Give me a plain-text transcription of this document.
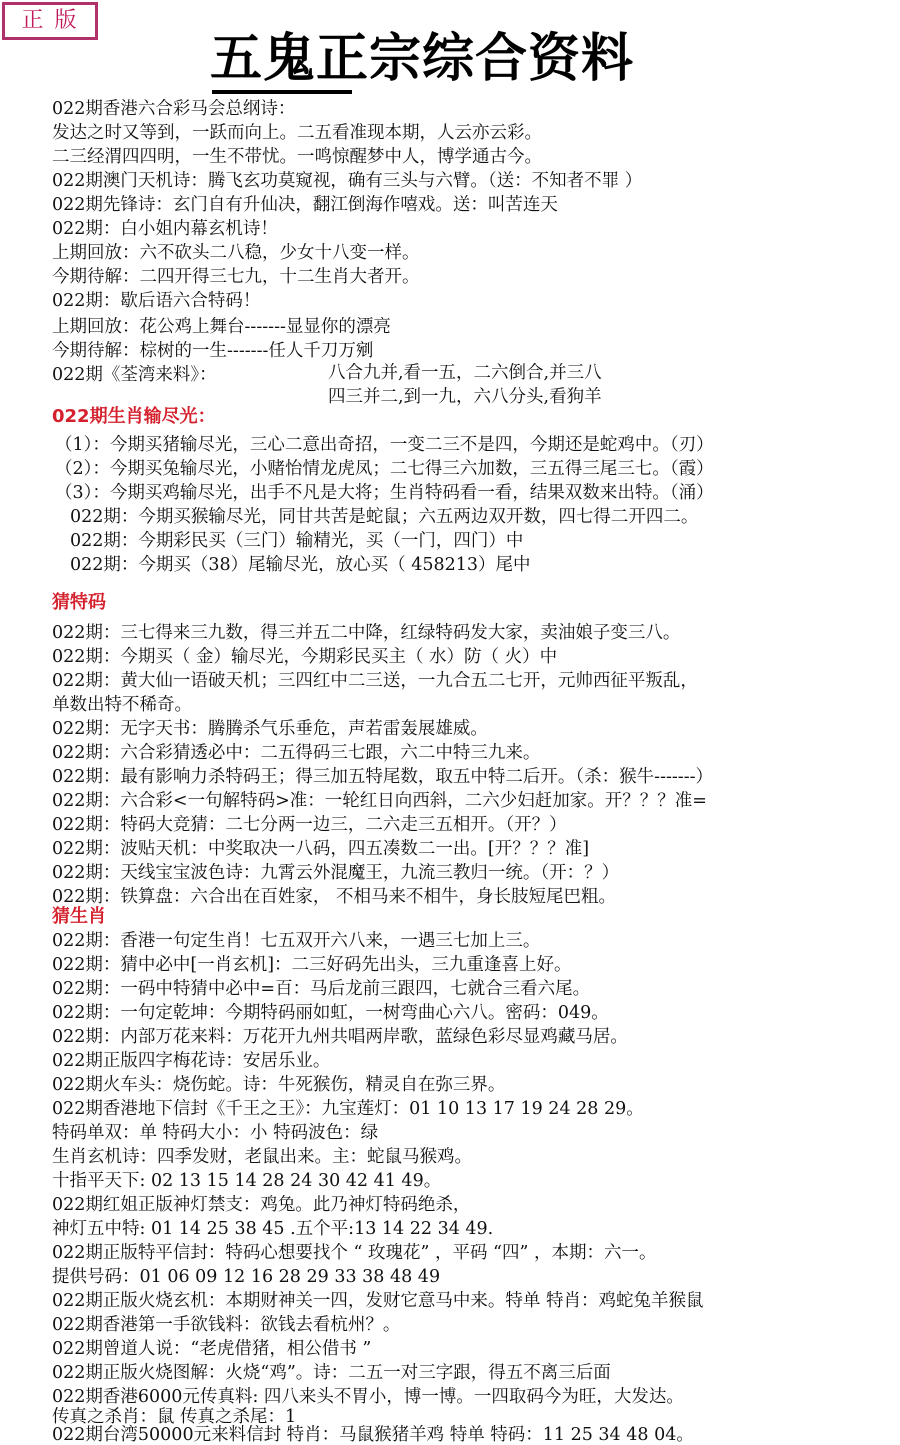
正 版
五鬼正宗综合资料
022期香港六合彩马会总纲诗：
发达之时又等到，一跃而向上。二五看准现本期，人云亦云彩。
二三经渭四四明，一生不带忧。一鸣惊醒梦中人，博学通古今。
022期澳门天机诗：腾飞玄功莫窥视，确有三头与六臂。（送：不知者不罪 ）
022期先锋诗：玄门自有升仙决，翻江倒海作嘻戏。送：叫苦连天
022期：白小姐内幕玄机诗！
上期回放：六不砍头二八稳，少女十八变一样。
今期待解：二四开得三七九，十二生肖大者开。
022期：歇后语六合特码！
上期回放：花公鸡上舞台-------显显你的漂亮
今期待解：棕树的一生-------任人千刀万剜
022期《荃湾来料》：	八合九并,看一五，二六倒合,并三八
四三并二,到一九，六八分头,看狗羊
022期生肖输尽光：
（1）：今期买猪输尽光，三心二意出奇招，一变二三不是四，今期还是蛇鸡中。（刃）
（2）：今期买兔输尽光，小赌怡情龙虎凤；二七得三六加数，三五得三尾三七。（霞）
（3）：今期买鸡输尽光，出手不凡是大将；生肖特码看一看，结果双数来出特。（涌）
022期：今期买猴输尽光，同甘共苦是蛇鼠；六五两边双开数，四七得二开四二。
022期：今期彩民买（三门）输精光，买（一门，四门）中
022期：今期买（38）尾输尽光，放心买（ 458213）尾中
猜特码
022期：三七得来三九数，得三并五二中降，红绿特码发大家，卖油娘子变三八。
022期：今期买（ 金）输尽光，今期彩民买主（ 水）防（ 火）中
022期：黄大仙一语破天机；三四红中二三送，一九合五二七开，元帅西征平叛乱，
单数出特不稀奇。
022期：无字天书：腾腾杀气乐垂危，声若雷轰展雄威。
022期：六合彩猜透必中：二五得码三七跟，六二中特三九来。
022期：最有影响力杀特码王；得三加五特尾数，取五中特二后开。（杀：猴牛-------）
022期：六合彩<一句解特码>准：一轮红日向西斜，二六少妇赶加家。开？？？准=
022期：特码大竞猜：二七分两一边三，二六走三五相开。（开？）
022期：波贴天机：中奖取决一八码，四五凑数二一出。[开？？？准]
022期：天线宝宝波色诗：九霄云外混魔王，九流三教归一统。（开：？）
022期：铁算盘：六合出在百姓家， 不相马来不相牛，身长肢短尾巴粗。
猜生肖
022期：香港一句定生肖！七五双开六八来，一遇三七加上三。
022期：猜中必中[一肖玄机]：二三好码先出头，三九重逢喜上好。
022期：一码中特猜中必中=百：马后龙前三跟四，七就合三看六尾。
022期：一句定乾坤：今期特码丽如虹，一树弯曲心六八。密码：049。
022期：内部万花来料：万花开九州共唱两岸歌，蓝绿色彩尽显鸡藏马居。
022期正版四字梅花诗：安居乐业。
022期火车头：烧伤蛇。诗：牛死猴伤，精灵自在弥三界。
022期香港地下信封《千王之王》：九宝莲灯：01 10 13 17 19 24 28 29。
特码单双：单 特码大小：小 特码波色：绿
生肖玄机诗：四季发财，老鼠出来。主：蛇鼠马猴鸡。
十指平天下: 02 13 15 14 28 24 30 42 41 49。
022期红姐正版神灯禁支：鸡兔。此乃神灯特码绝杀，
神灯五中特: 01 14 25 38 45 .五个平:13 14 22 34 49.
022期正版特平信封：特码心想要找个 “ 玫瑰花” ，平码 “四” ，本期：六一。
提供号码：01 06 09 12 16 28 29 33 38 48 49
022期正版火烧玄机：本期财神关一四，发财它意马中来。特单 特肖：鸡蛇兔羊猴鼠
022期香港第一手欲钱料：欲钱去看杭州？。
022期曾道人说：“老虎借猪，相公借书 ”
022期正版火烧图解：火烧“鸡”。诗：二五一对三字跟，得五不离三后面
022期香港6000元传真料: 四八来头不胃小，博一博。一四取码今为旺，大发达。
传真之杀肖：鼠 传真之杀尾：1
022期台湾50000元来料信封 特肖：马鼠猴猪羊鸡 特单 特码：11 25 34 48 04。
